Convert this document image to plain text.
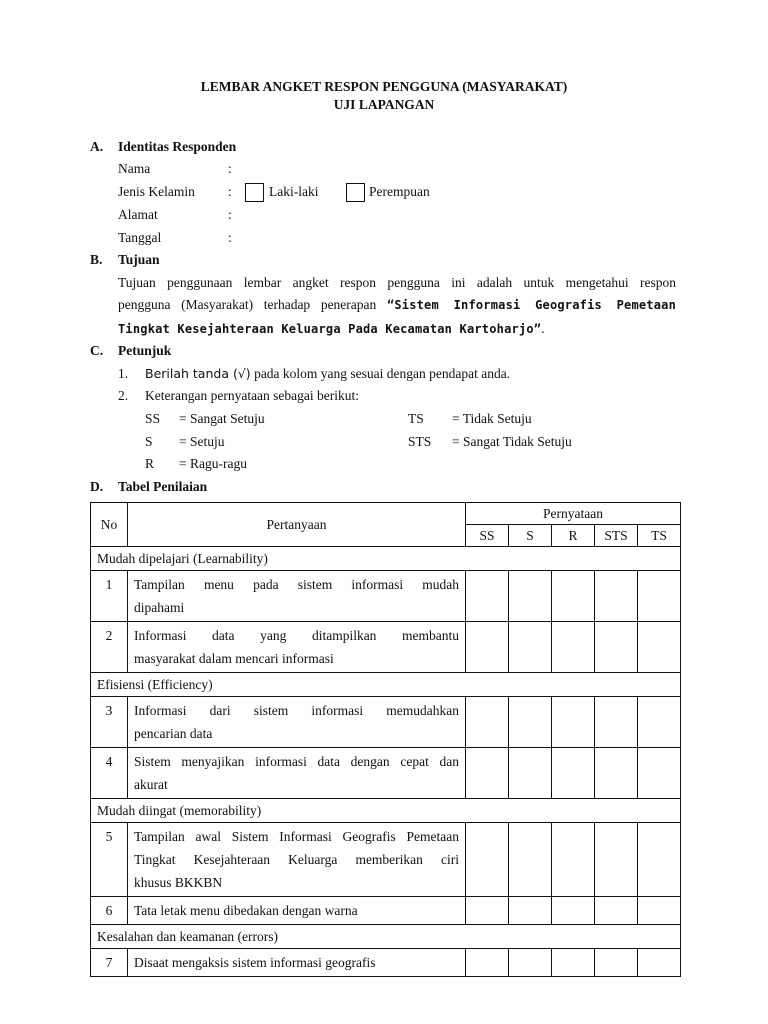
LEMBAR ANGKET RESPON PENGGUNA (MASYARAKAT)
UJI LAPANGAN
A. Identitas Responden
Nama	:
Jenis Kelamin :	Laki-laki	Perempuan
Alamat	:
Tanggal	:
B. Tujuan
Tujuan penggunaan lembar angket respon pengguna ini adalah untuk mengetahui respon
pengguna (Masyarakat) terhadap penerapan “Sistem Informasi Geografis Pemetaan
Tingkat Kesejahteraan Keluarga Pada Kecamatan Kartoharjo”.
C. Petunjuk
1. Berilah tanda (√) pada kolom yang sesuai dengan pendapat anda.
2. Keterangan pernyataan sebagai berikut:
SS = Sangat Setuju
S = Setuju
R = Ragu-ragu
TS = Tidak Setuju
STS = Sangat Tidak Setuju
D. Tabel Penilaian
No	Pertanyaan	Pernyataan				
		SS	S	R	STS	TS
Mudah dipelajari (Learnability)						
1	Tampilan menu pada sistem informasi mudah
dipahami					

2	Informasi data yang ditampilkan membantu
masyarakat dalam mencari informasi					

Efisiensi (Efficiency)						
3	Informasi dari sistem informasi memudahkan
pencarian data					

4	Sistem menyajikan informasi data dengan cepat dan
akurat					

Mudah diingat (memorability)						
5	Tampilan awal Sistem Informasi Geografis Pemetaan
Tingkat Kesejahteraan Keluarga memberikan ciri
khusus BKKBN					

6	Tata letak menu dibedakan dengan warna					

Kesalahan dan keamanan (errors)						
7	Disaat mengaksis sistem informasi geografis					
